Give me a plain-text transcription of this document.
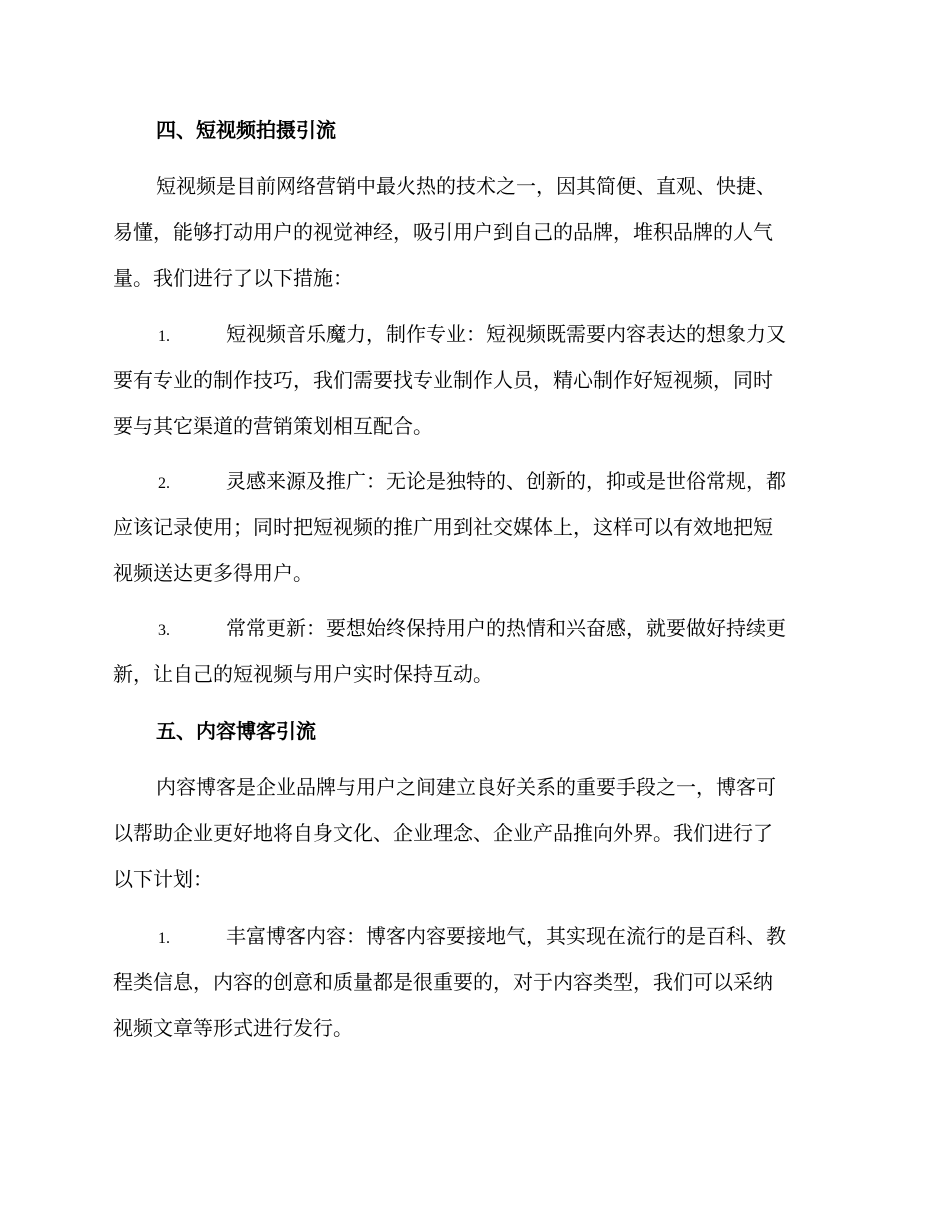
四、短视频拍摄引流

短视频是目前网络营销中最火热的技术之一，因其简便、直观、快捷、
易懂，能够打动用户的视觉神经，吸引用户到自己的品牌，堆积品牌的人气
量。我们进行了以下措施：

1.	短视频音乐魔力，制作专业：短视频既需要内容表达的想象力又
要有专业的制作技巧，我们需要找专业制作人员，精心制作好短视频，同时
要与其它渠道的营销策划相互配合。

2.	灵感来源及推广：无论是独特的、创新的，抑或是世俗常规，都
应该记录使用；同时把短视频的推广用到社交媒体上，这样可以有效地把短
视频送达更多得用户。

3.	常常更新：要想始终保持用户的热情和兴奋感，就要做好持续更
新，让自己的短视频与用户实时保持互动。

五、内容博客引流

内容博客是企业品牌与用户之间建立良好关系的重要手段之一，博客可
以帮助企业更好地将自身文化、企业理念、企业产品推向外界。我们进行了
以下计划：

1.	丰富博客内容：博客内容要接地气，其实现在流行的是百科、教
程类信息，内容的创意和质量都是很重要的，对于内容类型，我们可以采纳
视频文章等形式进行发行。
